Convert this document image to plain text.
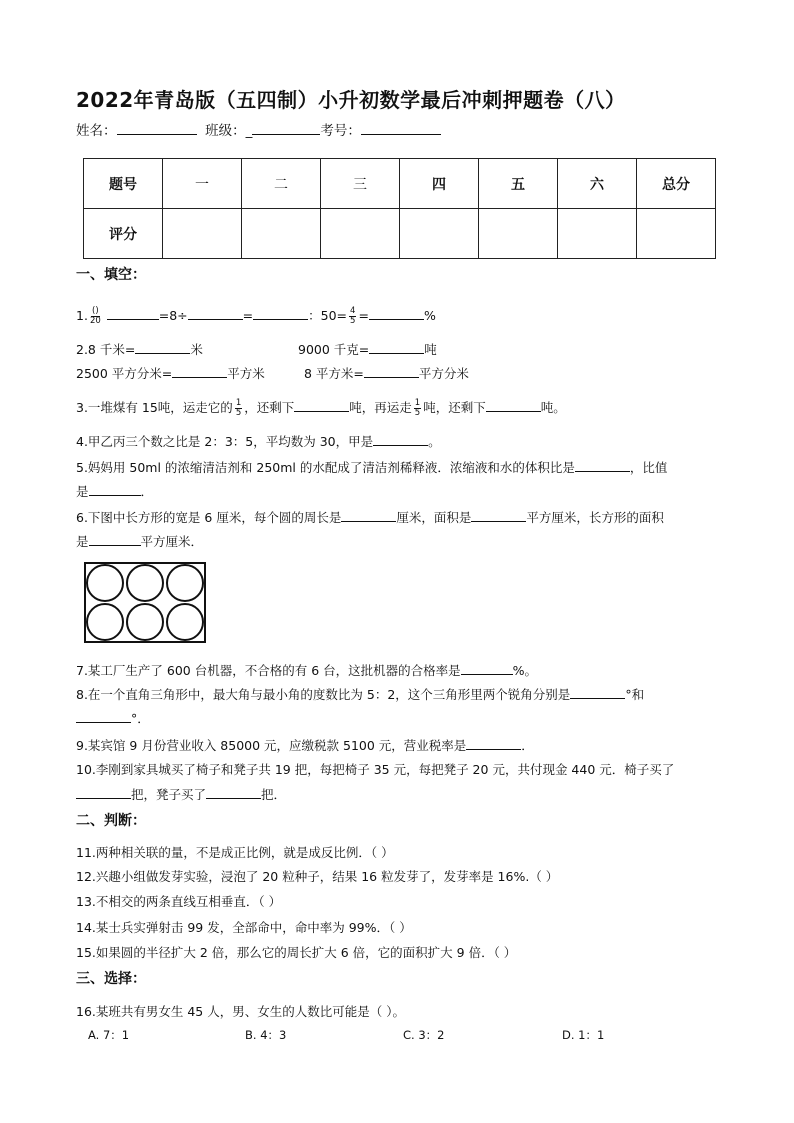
2022年青岛版（五四制）小升初数学最后冲刺押题卷（八）
姓名：	班级：_	考号：
题号	一	二	三	四	五	六	总分
评分							
一、填空：
1. $\frac{()}{20}$	=8÷	=	：$50= \frac{4}{5}$ =	%
2.8 千米=	米	9000 千克=	吨
2500 平方分米=	平方米	8 平方米=	平方分米
3.一堆煤有 15吨，运走它的 $\frac{1}{5}$ ，还剩下	吨，再运走 $\frac{1}{5}$ 吨，还剩下	吨。
4.甲乙丙三个数之比是 2：3：5，平均数为 30，甲是	。
5.妈妈用 50ml 的浓缩清洁剂和 250ml 的水配成了清洁剂稀释液．浓缩液和水的体积比是	，比值
是	．
6.下图中长方形的宽是 6 厘米，每个圆的周长是	厘米，面积是	平方厘米，长方形的面积
是	平方厘米．
7.某工厂生产了 600 台机器，不合格的有 6 台，这批机器的合格率是	%。
8.在一个直角三角形中，最大角与最小角的度数比为 5：2，这个三角形里两个锐角分别是	°和
°．
9.某宾馆 9 月份营业收入 85000 元，应缴税款 5100 元，营业税率是	．
10.李刚到家具城买了椅子和凳子共 19 把，每把椅子 35 元，每把凳子 20 元，共付现金 440 元．椅子买了
把，凳子买了	把．
二、判断：
11.两种相关联的量，不是成正比例，就是成反比例．（ ）
12.兴趣小组做发芽实验，浸泡了 20 粒种子，结果 16 粒发芽了，发芽率是 16%.（ ）
13.不相交的两条直线互相垂直．（ ）
14.某士兵实弹射击 99 发，全部命中，命中率为 99%．（ ）
15.如果圆的半径扩大 2 倍，那么它的周长扩大 6 倍，它的面积扩大 9 倍．（ ）
三、选择：
16.某班共有男女生 45 人，男、女生的人数比可能是（ ）。
A. 7：1	B. 4：3	C. 3：2	D. 1：1
